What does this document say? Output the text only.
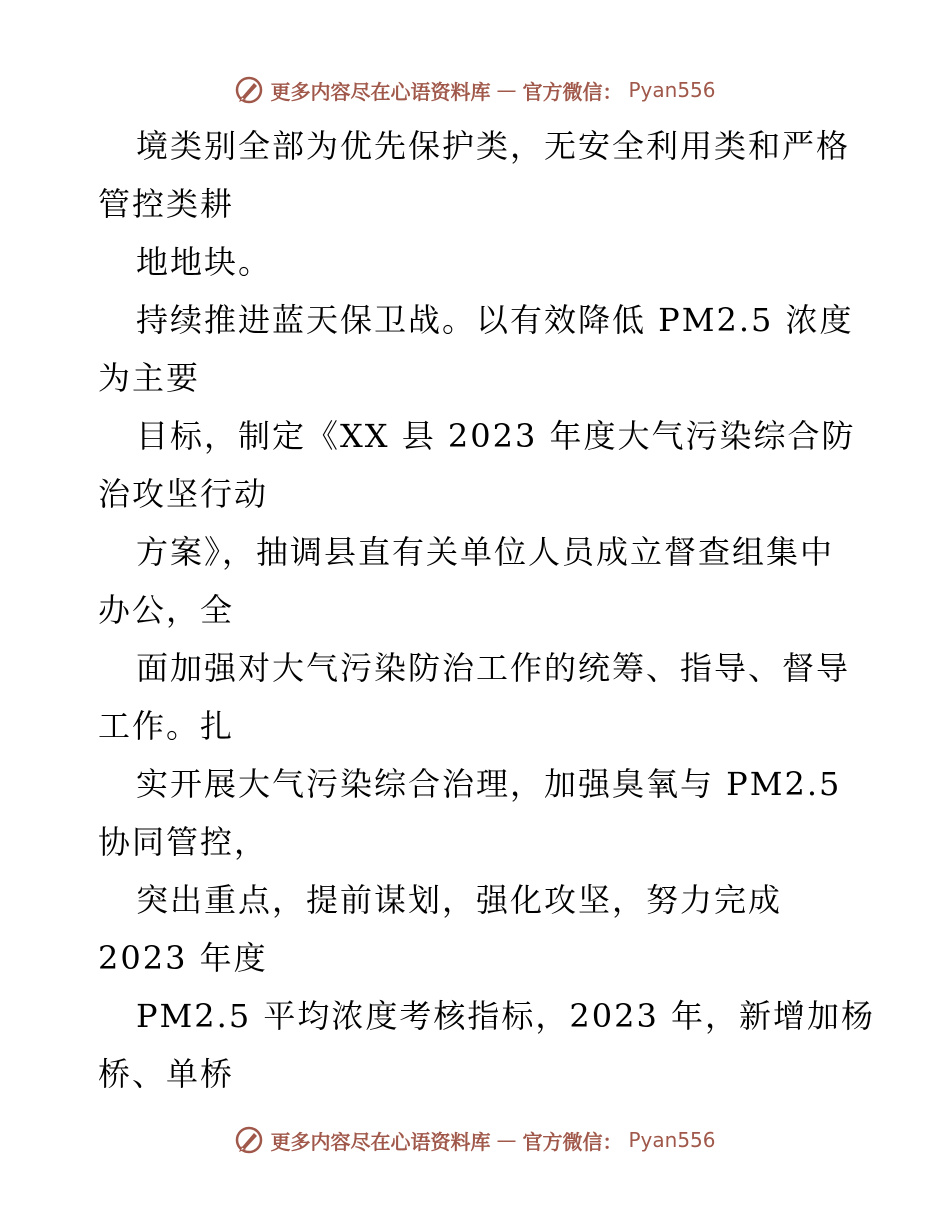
更多内容尽在心语资料库 — 官方微信： Pyan556
境类别全部为优先保护类，无安全利用类和严格
管控类耕
地地块。
持续推进蓝天保卫战。以有效降低 PM2.5 浓度
为主要
目标，制定《XX 县 2023 年度大气污染综合防
治攻坚行动
方案》，抽调县直有关单位人员成立督查组集中
办公，全
面加强对大气污染防治工作的统筹、指导、督导
工作。扎
实开展大气污染综合治理，加强臭氧与 PM2.5
协同管控，
突出重点，提前谋划，强化攻坚，努力完成
2023 年度
PM2.5 平均浓度考核指标，2023 年，新增加杨
桥、单桥
更多内容尽在心语资料库 — 官方微信： Pyan556
